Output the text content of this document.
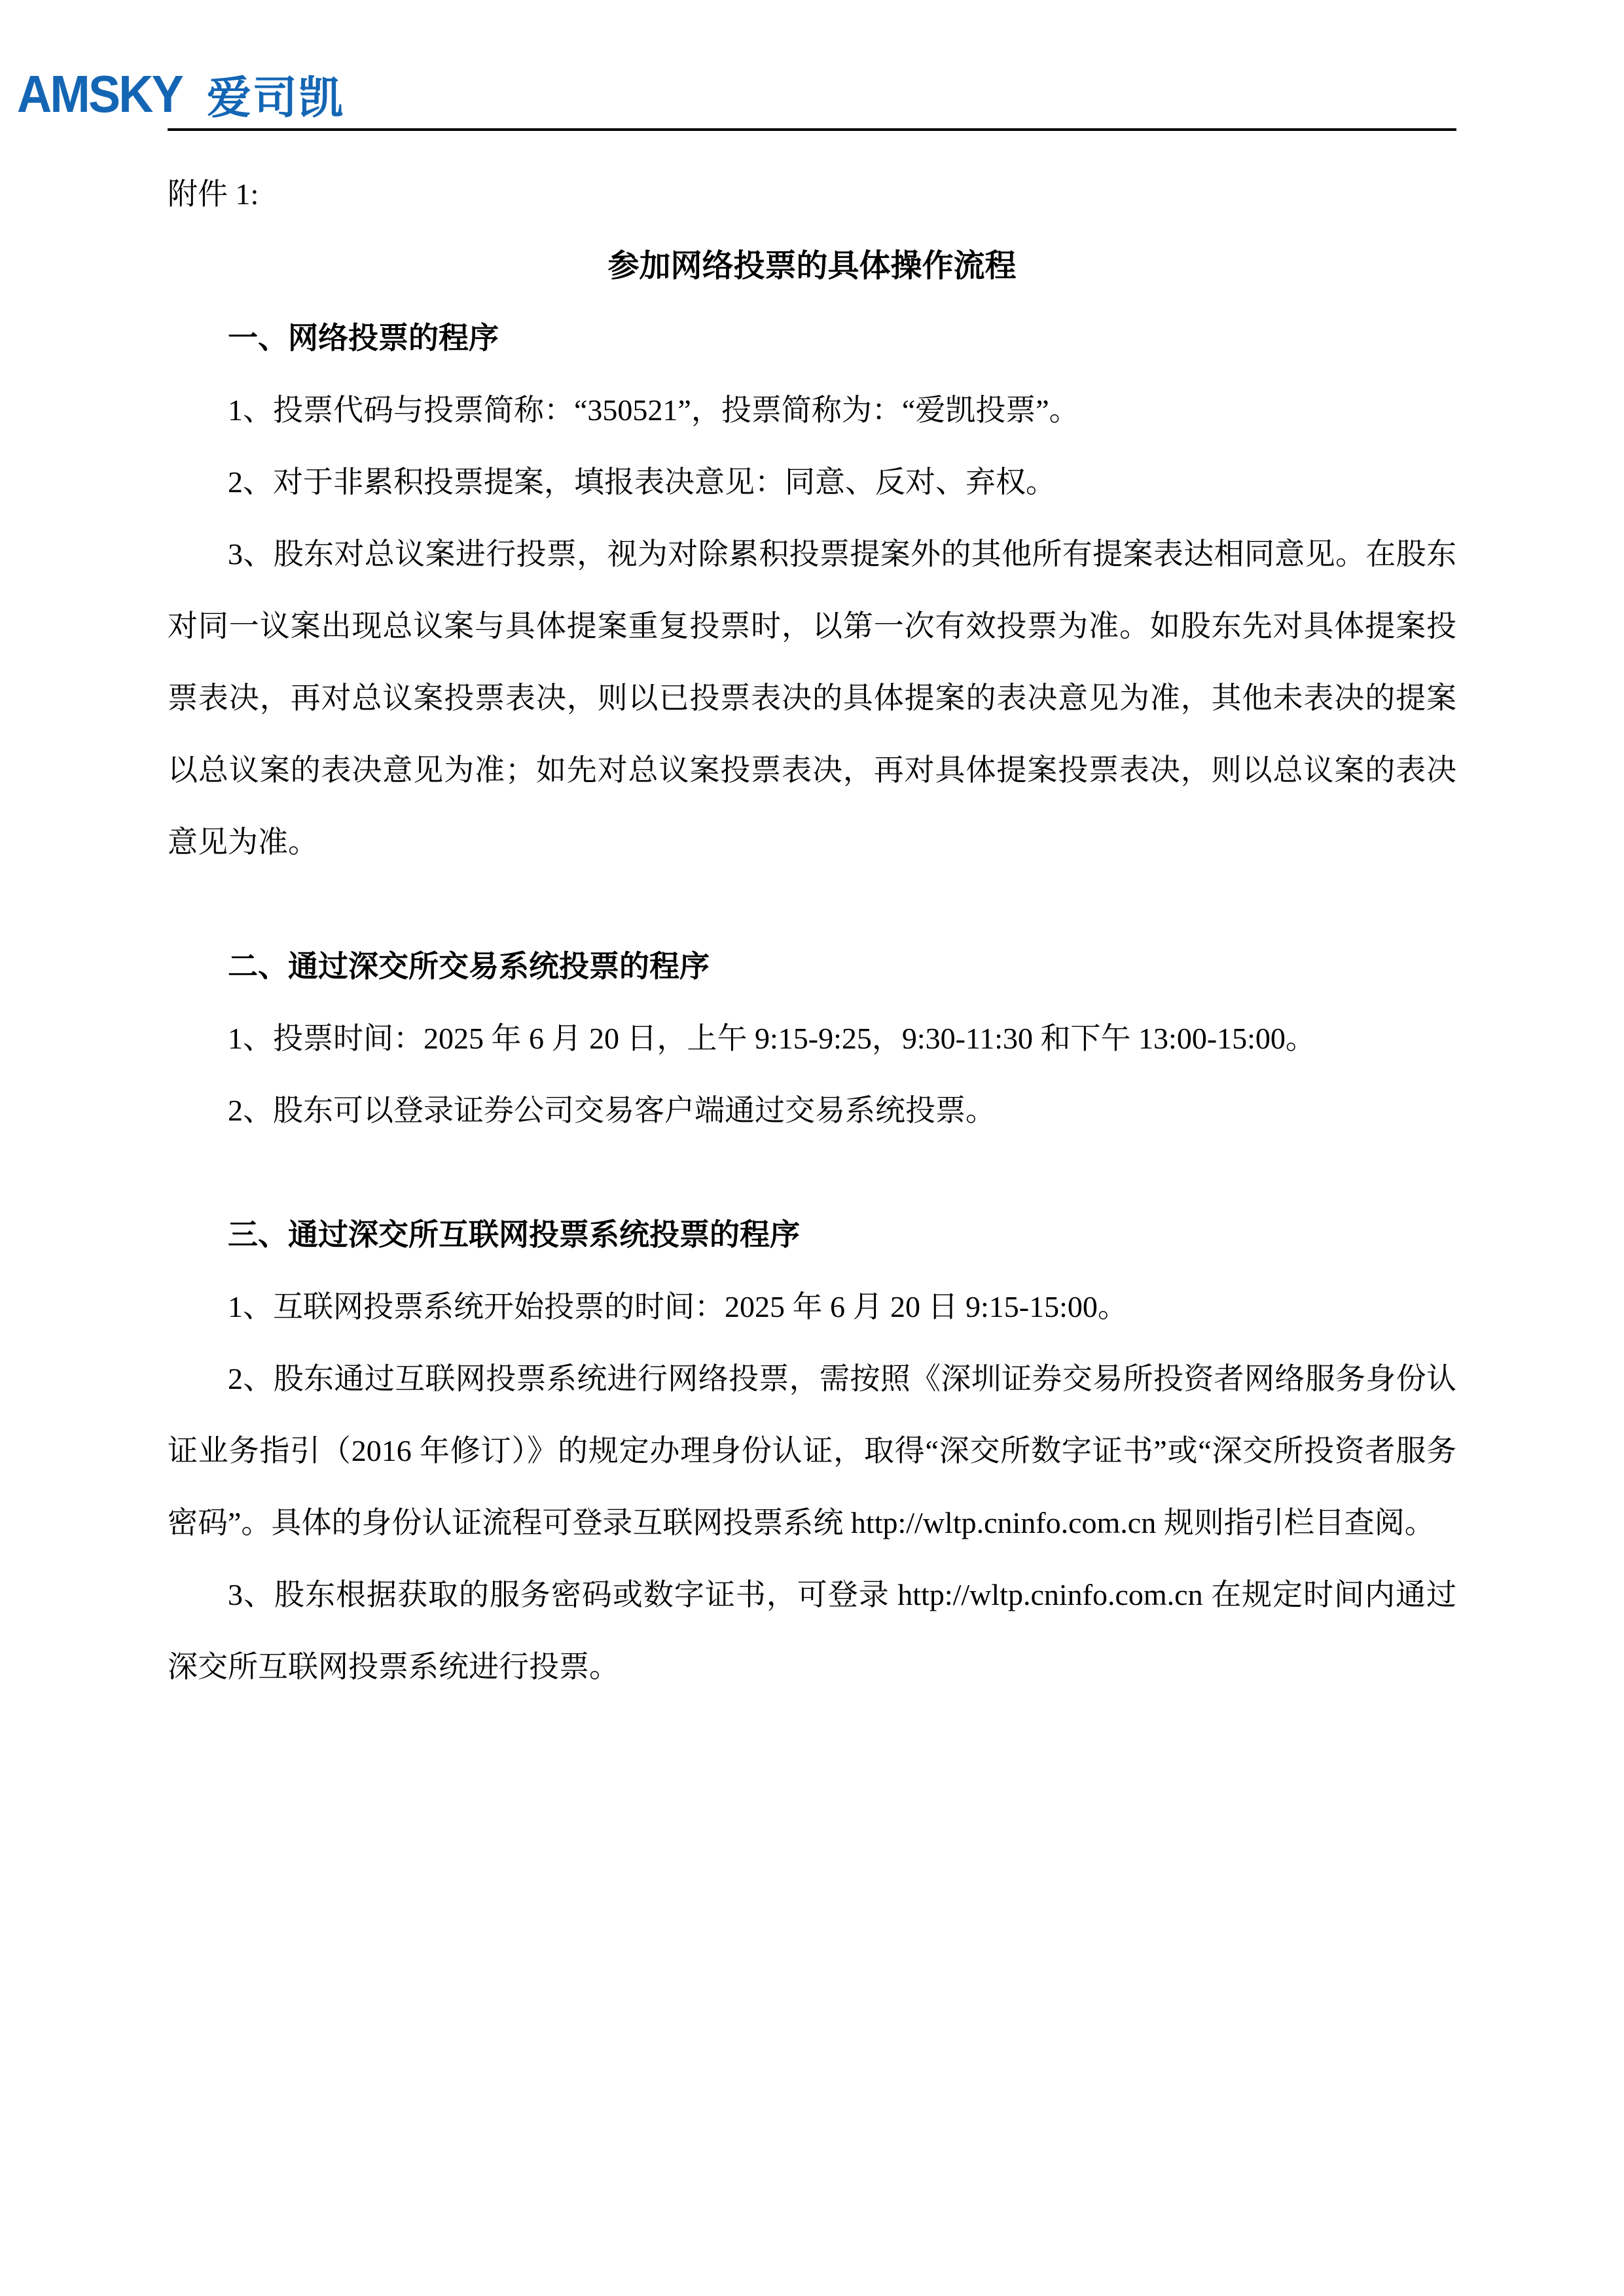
AMSKY 爱司凯

附件 1:

参加网络投票的具体操作流程
一、网络投票的程序

1、投票代码与投票简称：“350521”，投票简称为：“爱凯投票”。

2、对于非累积投票提案，填报表决意见：同意、反对、弃权。

3、股东对总议案进行投票，视为对除累积投票提案外的其他所有提案表达相同意见。在股东对同一议案出现总议案与具体提案重复投票时，以第一次有效投票为准。如股东先对具体提案投票表决，再对总议案投票表决，则以已投票表决的具体提案的表决意见为准，其他未表决的提案以总议案的表决意见为准；如先对总议案投票表决，再对具体提案投票表决，则以总议案的表决意见为准。

二、通过深交所交易系统投票的程序

1、投票时间：2025 年 6 月 20 日，上午 9:15-9:25，9:30-11:30 和下午 13:00-15:00。

2、股东可以登录证券公司交易客户端通过交易系统投票。

三、通过深交所互联网投票系统投票的程序

1、互联网投票系统开始投票的时间：2025 年 6 月 20 日 9:15-15:00。

2、股东通过互联网投票系统进行网络投票，需按照《深圳证券交易所投资者网络服务身份认证业务指引（2016 年修订）》的规定办理身份认证，取得“深交所数字证书”或“深交所投资者服务密码”。具体的身份认证流程可登录互联网投票系统 http://wltp.cninfo.com.cn 规则指引栏目查阅。

3、股东根据获取的服务密码或数字证书，可登录 http://wltp.cninfo.com.cn 在规定时间内通过深交所互联网投票系统进行投票。
